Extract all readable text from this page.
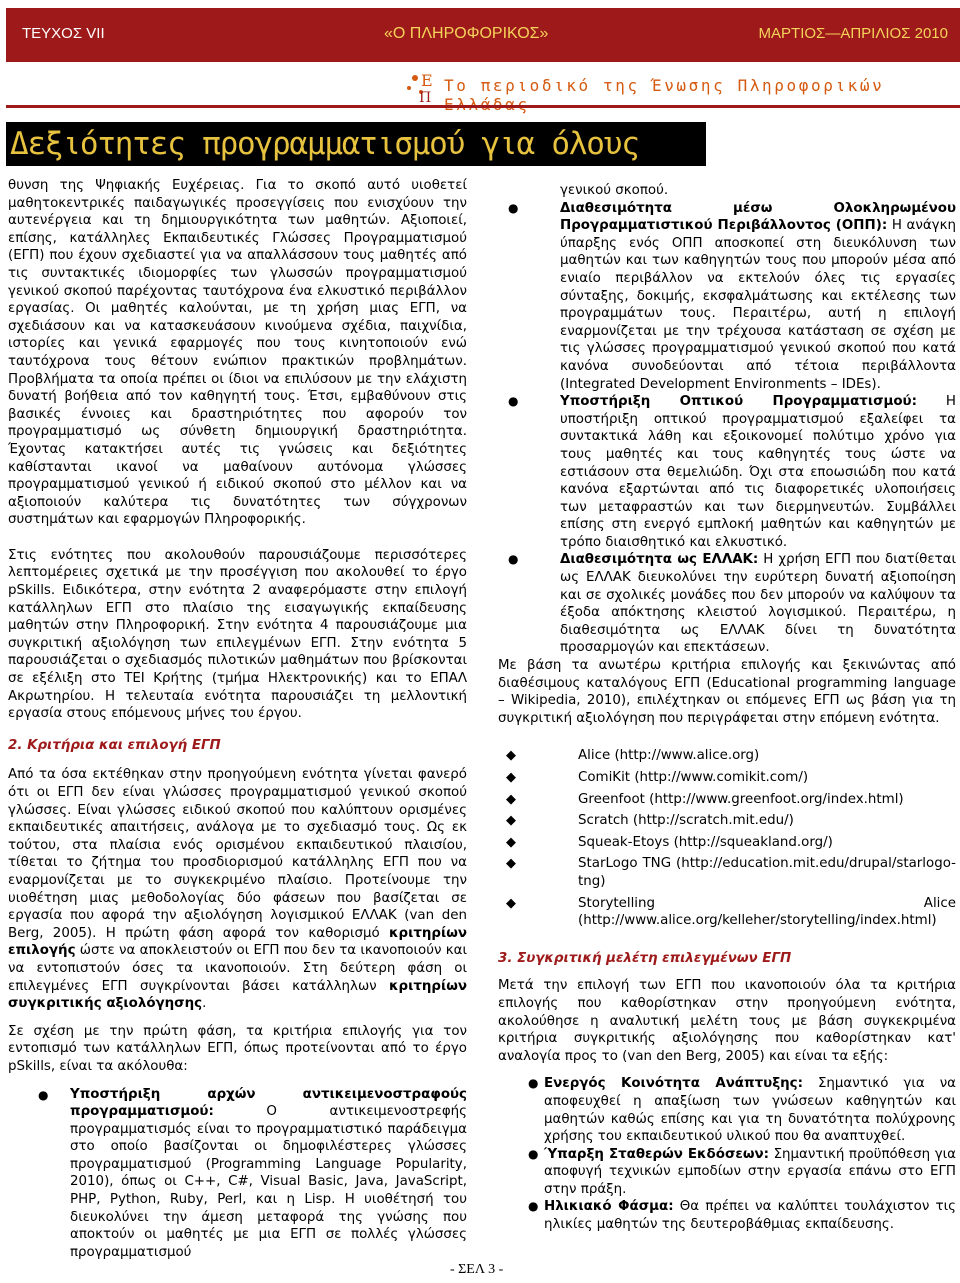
ΤΕΥΧΟΣ VII	«Ο ΠΛΗΡΟΦΟΡΙΚΟΣ»	ΜΑΡΤΙΟΣ—ΑΠΡΙΛΙΟΣ 2010
Ε
Π
Το περιοδικό της Ένωσης Πληροφορικών
Δεξιότητες προγραμματισμού για όλους

θυνση της Ψηφιακής Ευχέρειας. Για το σκοπό αυτό υιοθετεί μαθητοκεντρικές παιδαγωγικές προσεγγίσεις που ενισχύουν την αυτενέργεια και τη δημιουργικότητα των μαθητών. Αξιοποιεί, επίσης, κατάλληλες Εκπαιδευτικές Γλώσσες Προγραμματισμού (ΕΓΠ) που έχουν σχεδιαστεί για να απαλλάσσουν τους μαθητές από τις συντακτικές ιδιομορφίες των γλωσσών προγραμματισμού γενικού σκοπού παρέχοντας ταυτόχρονα ένα ελκυστικό περιβάλλον εργασίας. Οι μαθητές καλούνται, με τη χρήση μιας ΕΓΠ, να σχεδιάσουν και να κατασκευάσουν κινούμενα σχέδια, παιχνίδια, ιστορίες και γενικά εφαρμογές που τους κινητοποιούν ενώ ταυτόχρονα τους θέτουν ενώπιον πρακτικών προβλημάτων. Προβλήματα τα οποία πρέπει οι ίδιοι να επιλύσουν με την ελάχιστη δυνατή βοήθεια από τον καθηγητή τους. Έτσι, εμβαθύνουν στις βασικές έννοιες και δραστηριότητες που αφορούν τον προγραμματισμό ως σύνθετη δημιουργική δραστηριότητα. Έχοντας κατακτήσει αυτές τις γνώσεις και δεξιότητες καθίστανται ικανοί να μαθαίνουν αυτόνομα γλώσσες προγραμματισμού γενικού ή ειδικού σκοπού στο μέλλον και να αξιοποιούν καλύτερα τις δυνατότητες των σύγχρονων συστημάτων και εφαρμογών Πληροφορικής.

Στις ενότητες που ακολουθούν παρουσιάζουμε περισσότερες λεπτομέρειες σχετικά με την προσέγγιση που ακολουθεί το έργο pSkills. Ειδικότερα, στην ενότητα 2 αναφερόμαστε στην επιλογή κατάλληλων ΕΓΠ στο πλαίσιο της εισαγωγικής εκπαίδευσης μαθητών στην Πληροφορική. Στην ενότητα 4 παρουσιάζουμε μια συγκριτική αξιολόγηση των επιλεγμένων ΕΓΠ. Στην ενότητα 5 παρουσιάζεται ο σχεδιασμός πιλοτικών μαθημάτων που βρίσκονται σε εξέλιξη στο ΤΕΙ Κρήτης (τμήμα Ηλεκτρονικής) και το ΕΠΑΛ Ακρωτηρίου. Η τελευταία ενότητα παρουσιάζει τη μελλοντική εργασία στους επόμενους μήνες του έργου.

2. Κριτήρια και επιλογή ΕΓΠ

Από τα όσα εκτέθηκαν στην προηγούμενη ενότητα γίνεται φανερό ότι οι ΕΓΠ δεν είναι γλώσσες προγραμματισμού γενικού σκοπού γλώσσες. Είναι γλώσσες ειδικού σκοπού που καλύπτουν ορισμένες εκπαιδευτικές απαιτήσεις, ανάλογα με το σχεδιασμό τους. Ως εκ τούτου, στα πλαίσια ενός ορισμένου εκπαιδευτικού πλαισίου, τίθεται το ζήτημα του προσδιορισμού κατάλληλης ΕΓΠ που να εναρμονίζεται με το συγκεκριμένο πλαίσιο. Προτείνουμε την υιοθέτηση μιας μεθοδολογίας δύο φάσεων που βασίζεται σε εργασία που αφορά την αξιολόγηση λογισμικού ΕΛΛΑΚ (van den Berg, 2005). Η πρώτη φάση αφορά τον καθορισμό κριτηρίων επιλογής ώστε να αποκλειστούν οι ΕΓΠ που δεν τα ικανοποιούν και να εντοπιστούν όσες τα ικανοποιούν. Στη δεύτερη φάση οι επιλεγμένες ΕΓΠ συγκρίνονται βάσει κατάλληλων κριτηρίων συγκριτικής αξιολόγησης.

Σε σχέση με την πρώτη φάση, τα κριτήρια επιλογής για τον εντοπισμό των κατάλληλων ΕΓΠ, όπως προτείνονται από το έργο pSkills, είναι τα ακόλουθα:

● Υποστήριξη αρχών αντικειμενοστραφούς προγραμματισμού: Ο αντικειμενοστρεφής προγραμματισμός είναι το προγραμματιστικό παράδειγμα στο οποίο βασίζονται οι δημοφιλέστερες γλώσσες προγραμματισμού (Programming Language Popularity, 2010), όπως οι C++, C#, Visual Basic, Java, JavaScript, PHP, Python, Ruby, Perl, και η Lisp. Η υιοθέτησή του διευκολύνει την άμεση μεταφορά της γνώσης που αποκτούν οι μαθητές με μια ΕΓΠ σε πολλές γλώσσες προγραμματισμού

γενικού σκοπού.

●	Διαθεσιμότητα μέσω Ολοκληρωμένου Προγραμματιστικού Περιβάλλοντος (ΟΠΠ): Η ανάγκη ύπαρξης ενός ΟΠΠ αποσκοπεί στη διευκόλυνση των μαθητών και των καθηγητών τους που μπορούν μέσα από ενιαίο περιβάλλον να εκτελούν όλες τις εργασίες σύνταξης, δοκιμής, εκσφαλμάτωσης και εκτέλεσης των προγραμμάτων τους. Περαιτέρω, αυτή η επιλογή εναρμονίζεται με την τρέχουσα κατάσταση σε σχέση με τις γλώσσες προγραμματισμού γενικού σκοπού που κατά κανόνα συνοδεύονται από τέτοια περιβάλλοντα (Integrated Development Environments – IDEs).
●	Υποστήριξη Οπτικού Προγραμματισμού: Η υποστήριξη οπτικού προγραμματισμού εξαλείφει τα συντακτικά λάθη και εξοικονομεί πολύτιμο χρόνο για τους μαθητές και τους καθηγητές τους ώστε να εστιάσουν στα θεμελιώδη. Όχι στα εποωσιώδη που κατά κανόνα εξαρτώνται από τις διαφορετικές υλοποιήσεις των μεταφραστών και των διερμηνευτών. Συμβάλλει επίσης στη ενεργό εμπλοκή μαθητών και καθηγητών με τρόπο διαισθητικό και ελκυστικό.
●	Διαθεσιμότητα ως ΕΛΛΑΚ: Η χρήση ΕΓΠ που διατίθεται ως ΕΛΛΑΚ διευκολύνει την ευρύτερη δυνατή αξιοποίηση και σε σχολικές μονάδες που δεν μπορούν να καλύψουν τα έξοδα απόκτησης κλειστού λογισμικού. Περαιτέρω, η διαθεσιμότητα ως ΕΛΛΑΚ δίνει τη δυνατότητα προσαρμογών και επεκτάσεων.

Με βάση τα ανωτέρω κριτήρια επιλογής και ξεκινώντας από διαθέσιμους καταλόγους ΕΓΠ (Educational programming language – Wikipedia, 2010), επιλέχτηκαν οι επόμενες ΕΓΠ ως βάση για τη συγκριτική αξιολόγηση που περιγράφεται στην επόμενη ενότητα.

◆	Alice (http://www.alice.org)
◆	ComiKit (http://www.comikit.com/)
◆	Greenfoot (http://www.greenfoot.org/index.html)
◆	Scratch (http://scratch.mit.edu/)
◆	Squeak-Etoys (http://squeakland.org/)
◆	StarLogo TNG (http://education.mit.edu/drupal/starlogo-tng)
◆	Storytelling Alice (http://www.alice.org/kelleher/storytelling/index.html)
3. Συγκριτική μελέτη επιλεγμένων ΕΓΠ

Μετά την επιλογή των ΕΓΠ που ικανοποιούν όλα τα κριτήρια επιλογής που καθορίστηκαν στην προηγούμενη ενότητα, ακολούθησε η αναλυτική μελέτη τους με βάση συγκεκριμένα κριτήρια συγκριτικής αξιολόγησης που καθορίστηκαν κατ' αναλογία προς το (van den Berg, 2005) και είναι τα εξής:

● Ενεργός Κοινότητα Ανάπτυξης: Σημαντικό για να αποφευχθεί η απαξίωση των γνώσεων καθηγητών και μαθητών καθώς επίσης και για τη δυνατότητα πολύχρονης χρήσης του εκπαιδευτικού υλικού που θα αναπτυχθεί.
● Ύπαρξη Σταθερών Εκδόσεων: Σημαντική προϋπόθεση για αποφυγή τεχνικών εμποδίων στην εργασία επάνω στο ΕΓΠ στην πράξη.
● Ηλικιακό Φάσμα: Θα πρέπει να καλύπτει τουλάχιστον τις ηλικίες μαθητών της δευτεροβάθμιας εκπαίδευσης.
- ΣΕΛ 3 -
